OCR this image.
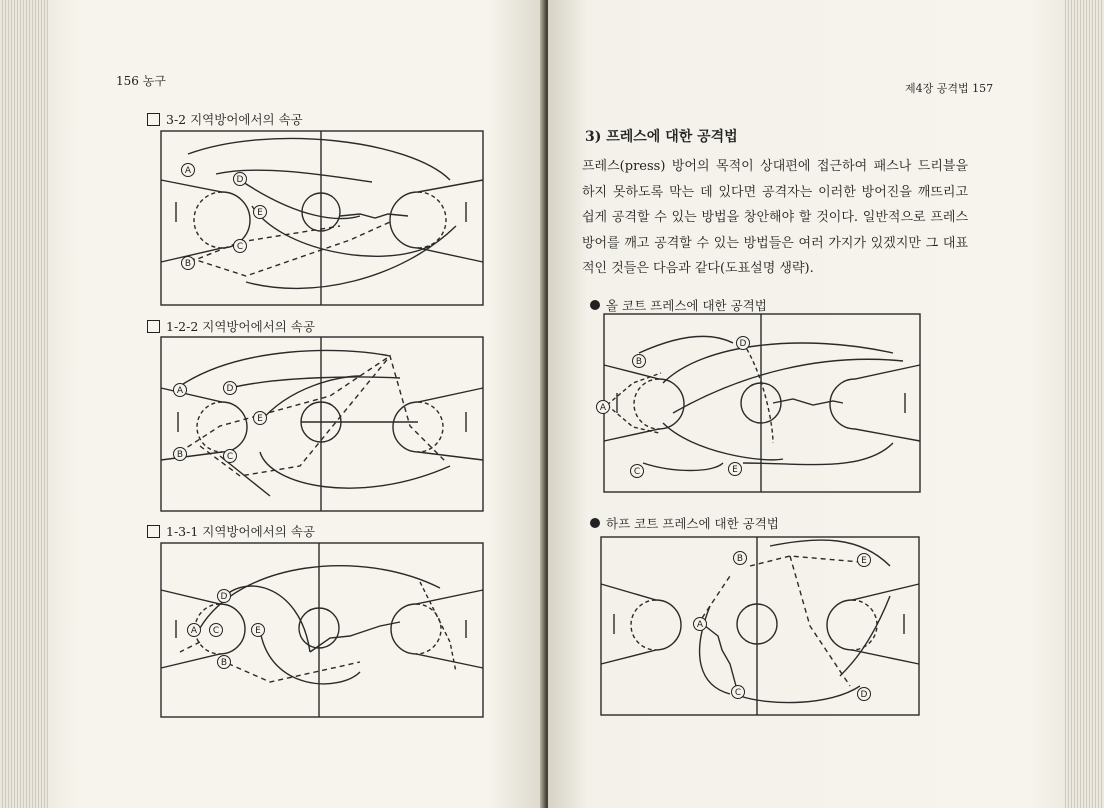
156 농구
3-2 지역방어에서의 속공
A
D
E
C
B
1-2-2 지역방어에서의 속공
A	D
E
C
B
1-3-1 지역방어에서의 속공
D
A C	E
B
제4장 공격법 157
3) 프레스에 대한 공격법
프레스(press) 방어의 목적이 상대편에 접근하여 패스나 드리블을 하지 못하도록 막는 데 있다면 공격자는 이러한 방어진을 깨뜨리고 쉽게 공격할 수 있는 방법을 창안해야 할 것이다. 일반적으로 프레스 방어를 깨고 공격할 수 있는 방법들은 여러 가지가 있겠지만 그 대표적인 것들은 다음과 같다(도표설명 생략).
올 코트 프레스에 대한 공격법
B
D
A
C	E
하프 코트 프레스에 대한 공격법
B	E
A
C	D
